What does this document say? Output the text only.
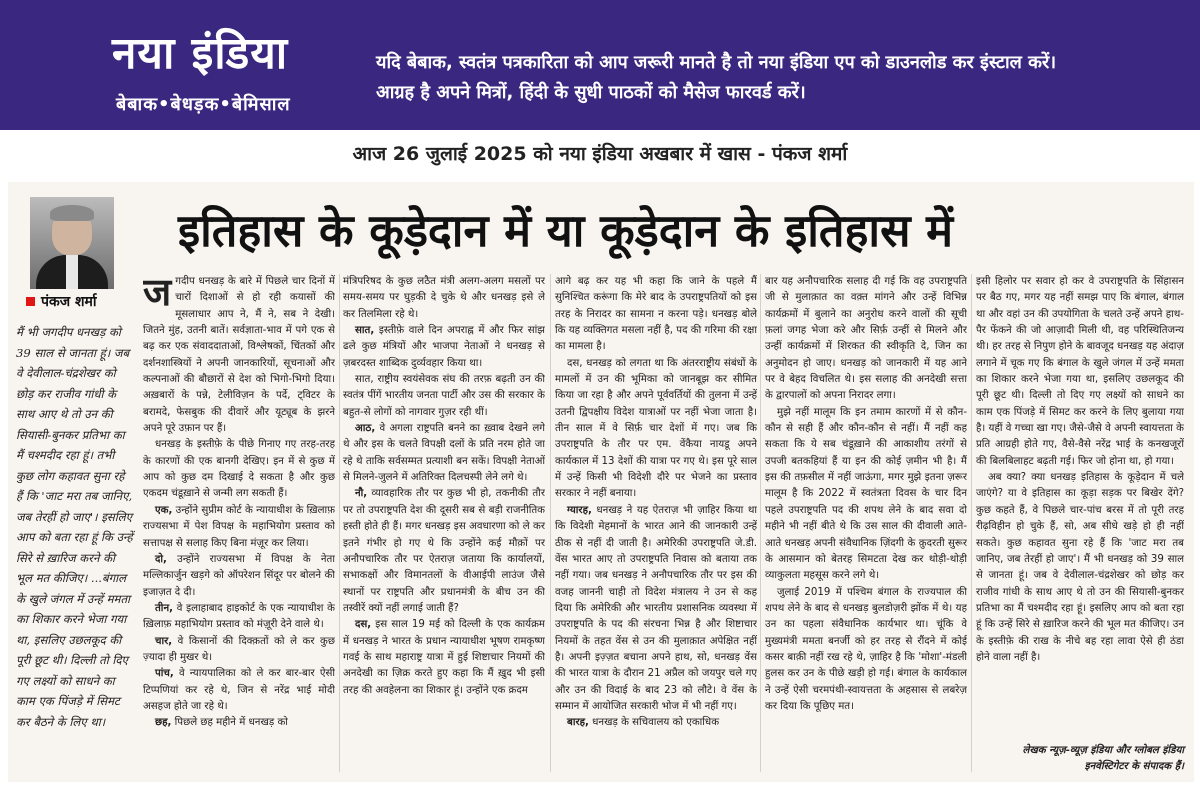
नया इंडिया
बेबाक•बेधड़क•बेमिसाल
यदि बेबाक, स्वतंत्र पत्रकारिता को आप जरूरी मानते है तो नया इंडिया एप को डाउनलोड कर इंस्टाल करें। आग्रह है अपने मित्रों, हिंदी के सुधी पाठकों को मैसेज फारवर्ड करें।
आज 26 जुलाई 2025 को नया इंडिया अखबार में खास - पंकज शर्मा
पंकज शर्मा
मैं भी जगदीप धनखड़ को 39 साल से जानता हूं। जब वे देवीलाल-चंद्रशेखर को छोड़ कर राजीव गांधी के साथ आए थे तो उन की सियासी-बुनकर प्रतिभा का मैं चश्मदीद रहा हूं। तभी कुछ लोग कहावत सुना रहे हैं कि 'जाट मरा तब जानिए, जब तेरहीं हो जाए'। इसलिए आप को बता रहा हूं कि उन्हें सिरे से ख़ारिज करने की भूल मत कीजिए। ...बंगाल के खुले जंगल में उन्हें ममता का शिकार करने भेजा गया था, इसलिए उछलकूद की पूरी छूट थी। दिल्ली तो दिए गए लक्ष्यों को साधने का काम एक पिंजड़े में सिमट कर बैठने के लिए था।
इतिहास के कूड़ेदान में या कूड़ेदान के इतिहास में

जगदीप धनखड़ के बारे में पिछले चार दिनों में चारों दिशाओं से हो रही कयासों की मूसलाधार आप ने, मैं ने, सब ने देखी। जितने मुंह, उतनी बातें। सर्वज्ञाता-भाव में पगे एक से बढ़ कर एक संवाददाताओं, विश्लेषकों, चिंतकों और दर्शनशास्त्रियों ने अपनी जानकारियों, सूचनाओं और कल्पनाओं की बौछारों से देश को भिगो-भिगो दिया। अख़बारों के पन्ने, टेलीविज़न के पर्दे, ट्विटर के बरामदे, फेसबुक की दीवारें और यूट्यूब के झरने अपने पूरे उफ़ान पर हैं।

धनखड़ के इस्तीफ़े के पीछे गिनाए गए तरह-तरह के कारणों की एक बानगी देखिए। इन में से कुछ में आप को कुछ दम दिखाई दे सकता है और कुछ एकदम चंडूख़ाने से जन्मी लग सकती हैं।

एक, उन्होंने सुप्रीम कोर्ट के न्यायाधीश के ख़िलाफ़ राज्यसभा में पेश विपक्ष के महाभियोग प्रस्ताव को सत्तापक्ष से सलाह किए बिना मंज़ूर कर लिया।

दो, उन्होंने राज्यसभा में विपक्ष के नेता मल्लिकार्जुन खड़गे को ऑपरेशन सिंदूर पर बोलने की इजाज़त दे दी।

तीन, वे इलाहाबाद हाइकोर्ट के एक न्यायाधीश के ख़िलाफ़ महाभियोग प्रस्ताव को मंज़ूरी देने वाले थे।

चार, वे किसानों की दिक्क़तों को ले कर कुछ ज़्यादा ही मुखर थे।

पांच, वे न्यायपालिका को ले कर बार-बार ऐसी टिप्पणियां कर रहे थे, जिन से नरेंद्र भाई मोदी असहज होते जा रहे थे।

छह, पिछले छह महीने में धनखड़ को

मंत्रिपरिषद के कुछ लठैत मंत्री अलग-अलग मसलों पर समय-समय पर घुड़की दे चुके थे और धनखड़ इसे ले कर तिलमिला रहे थे।

सात, इस्तीफ़े वाले दिन अपराह्न में और फिर सांझ ढले कुछ मंत्रियों और भाजपा नेताओं ने धनखड़ से ज़बरदस्त शाब्दिक दुर्व्यवहार किया था।

सात, राष्ट्रीय स्वयंसेवक संघ की तरफ़ बढ़ती उन की स्वतंत्र पींगें भारतीय जनता पार्टी और उस की सरकार के बहुत-से लोगों को नागवार गुज़र रही थीं।

आठ, वे अगला राष्ट्रपति बनने का ख़्वाब देखने लगे थे और इस के चलते विपक्षी दलों के प्रति नरम होते जा रहे थे ताकि सर्वसम्मत प्रत्याशी बन सकें। विपक्षी नेताओं से मिलने-जुलने में अतिरिक्त दिलचस्पी लेने लगे थे।

नौ, व्यावहारिक तौर पर कुछ भी हो, तकनीकी तौर पर तो उपराष्ट्रपति देश की दूसरी सब से बड़ी राजनीतिक हस्ती होते ही हैं। मगर धनखड़ इस अवधारणा को ले कर इतने गंभीर हो गए थे कि उन्होंने कई मौक़ों पर अनौपचारिक तौर पर ऐतराज़ जताया कि कार्यालयों, सभाकक्षों और विमानतलों के वीआईपी लाउंज जैसे स्थानों पर राष्ट्रपति और प्रधानमंत्री के बीच उन की तस्वीरें क्यों नहीं लगाई जाती हैं?

दस, इस साल 19 मई को दिल्ली के एक कार्यक्रम में धनखड़ ने भारत के प्रधान न्यायाधीश भूषण रामकृष्ण गवई के साथ महाराष्ट्र यात्रा में हुई शिष्टाचार नियमों की अनदेखी का ज़िक्र करते हुए कहा कि मैं ख़ुद भी इसी तरह की अवहेलना का शिकार हूं। उन्होंने एक क्रदम

आगे बढ़ कर यह भी कहा कि जाने के पहले मैं सुनिश्चित करूंगा कि मेरे बाद के उपराष्ट्रपतियों को इस तरह के निरादर का सामना न करना पड़े। धनखड़ बोले कि यह व्यक्तिगत मसला नहीं है, पद की गरिमा की रक्षा का मामला है।

दस, धनखड़ को लगता था कि अंतरराष्ट्रीय संबंधों के मामलों में उन की भूमिका को जानबूझ कर सीमित किया जा रहा है और अपने पूर्ववर्तियों की तुलना में उन्हें उतनी द्विपक्षीय विदेश यात्राओं पर नहीं भेजा जाता है। तीन साल में वे सिर्फ़ चार देशों में गए। जब कि उपराष्ट्रपति के तौर पर एम. वेंकैया नायडू अपने कार्यकाल में 13 देशों की यात्रा पर गए थे। इस पूरे साल में उन्हें किसी भी विदेशी दौरे पर भेजने का प्रस्ताव सरकार ने नहीं बनाया।

ग्यारह, धनखड़ ने यह ऐतराज़ भी ज़ाहिर किया था कि विदेशी मेहमानों के भारत आने की जानकारी उन्हें ठीक से नहीं दी जाती है। अमेरिकी उपराष्ट्रपति जे.डी. वेंस भारत आए तो उपराष्ट्रपति निवास को बताया तक नहीं गया। जब धनखड़ ने अनौपचारिक तौर पर इस की वजह जाननी चाही तो विदेश मंत्रालय ने उन से कह दिया कि अमेरिकी और भारतीय प्रशासनिक व्यवस्था में उपराष्ट्रपति के पद की संरचना भिन्न है और शिष्टाचार नियमों के तहत वेंस से उन की मुलाक़ात अपेक्षित नहीं है। अपनी इज़्ज़त बचाना अपने हाथ, सो, धनखड़ वेंस की भारत यात्रा के दौरान 21 अप्रैल को जयपुर चले गए और उन की विदाई के बाद 23 को लौटे। वे वेंस के सम्मान में आयोजित सरकारी भोज में भी नहीं गए।

बारह, धनखड़ के सचिवालय को एकाधिक

बार यह अनौपचारिक सलाह दी गई कि वह उपराष्ट्रपति जी से मुलाक़ात का वक़्त मांगने और उन्हें विभिन्न कार्यक्रमों में बुलाने का अनुरोध करने वालों की सूची फ़लां जगह भेजा करे और सिर्फ़ उन्हीं से मिलने और उन्हीं कार्यक्रमों में शिरकत की स्वीकृति दे, जिन का अनुमोदन हो जाए। धनखड़ को जानकारी में यह आने पर वे बेहद विचलित थे। इस सलाह की अनदेखी सत्ता के द्वारपालों को अपना निरादर लगा।

मुझे नहीं मालूम कि इन तमाम कारणों में से कौन-कौन से सही हैं और कौन-कौन से नहीं। मैं नहीं कह सकता कि ये सब चंडूख़ाने की आकाशीय तरंगों से उपजी बतकहियां हैं या इन की कोई ज़मीन भी है। मैं इस की तफ़सील में नहीं जाऊंगा, मगर मुझे इतना ज़रूर मालूम है कि 2022 में स्वतंत्रता दिवस के चार दिन पहले उपराष्ट्रपति पद की शपथ लेने के बाद सवा दो महीने भी नहीं बीते थे कि उस साल की दीवाली आते-आते धनखड़ अपनी संवैधानिक ज़िंदगी के क़ुदरती सुरूर के आसमान को बेतरह सिमटता देख कर थोड़ी-थोड़ी व्याकुलता महसूस करने लगे थे।

जुलाई 2019 में पश्चिम बंगाल के राज्यपाल की शपथ लेने के बाद से धनखड़ बुलडोज़री झोंक में थे। यह उन का पहला संवैधानिक कार्यभार था। चूंकि वे मुख्यमंत्री ममता बनर्जी को हर तरह से रौंदने में कोई कसर बाक़ी नहीं रख रहे थे, ज़ाहिर है कि 'मोशा'-मंडली हुलस कर उन के पीछे खड़ी हो गई। बंगाल के कार्यकाल ने उन्हें ऐसी चरमपंथी-स्वायत्तता के अहसास से लबरेज़ कर दिया कि पूछिए मत।

इसी हिलोर पर सवार हो कर वे उपराष्ट्रपति के सिंहासन पर बैठ गए, मगर यह नहीं समझ पाए कि बंगाल, बंगाल था और वहां उन की उपयोगिता के चलते उन्हें अपने हाथ-पैर फेंकने की जो आज़ादी मिली थी, वह परिस्थितिजन्य थी। हर तरह से निपुण होने के बावजूद धनखड़ यह अंदाज़ लगाने में चूक गए कि बंगाल के खुले जंगल में उन्हें ममता का शिकार करने भेजा गया था, इसलिए उछलकूद की पूरी छूट थी। दिल्ली तो दिए गए लक्ष्यों को साधने का काम एक पिंजड़े में सिमट कर करने के लिए बुलाया गया है। यहीं वे गच्चा खा गए। जैसे-जैसे वे अपनी स्वायत्तता के प्रति आग्रही होते गए, वैसे-वैसे नरेंद्र भाई के कनखजूरों की बिलबिलाहट बढ़ती गई। फिर जो होना था, हो गया।

अब क्या? क्या धनखड़ इतिहास के कूड़ेदान में चले जाएंगे? या वे इतिहास का कूड़ा सड़क पर बिखेर देंगे? कुछ कहते हैं, वे पिछले चार-पांच बरस में तो पूरी तरह रीढ़विहीन हो चुके हैं, सो, अब सीधे खड़े हो ही नहीं सकते। कुछ कहावत सुना रहे हैं कि 'जाट मरा तब जानिए, जब तेरहीं हो जाए'। मैं भी धनखड़ को 39 साल से जानता हूं। जब वे देवीलाल-चंद्रशेखर को छोड़ कर राजीव गांधी के साथ आए थे तो उन की सियासी-बुनकर प्रतिभा का मैं चश्मदीद रहा हूं। इसलिए आप को बता रहा हूं कि उन्हें सिरे से ख़ारिज करने की भूल मत कीजिए। उन के इस्तीफ़े की राख के नीचे बह रहा लावा ऐसे ही ठंडा होने वाला नहीं है।

लेखक न्यूज़-व्यूज़ इंडिया और ग्लोबल इंडिया इनवेस्टिगेटर के संपादक हैं।
